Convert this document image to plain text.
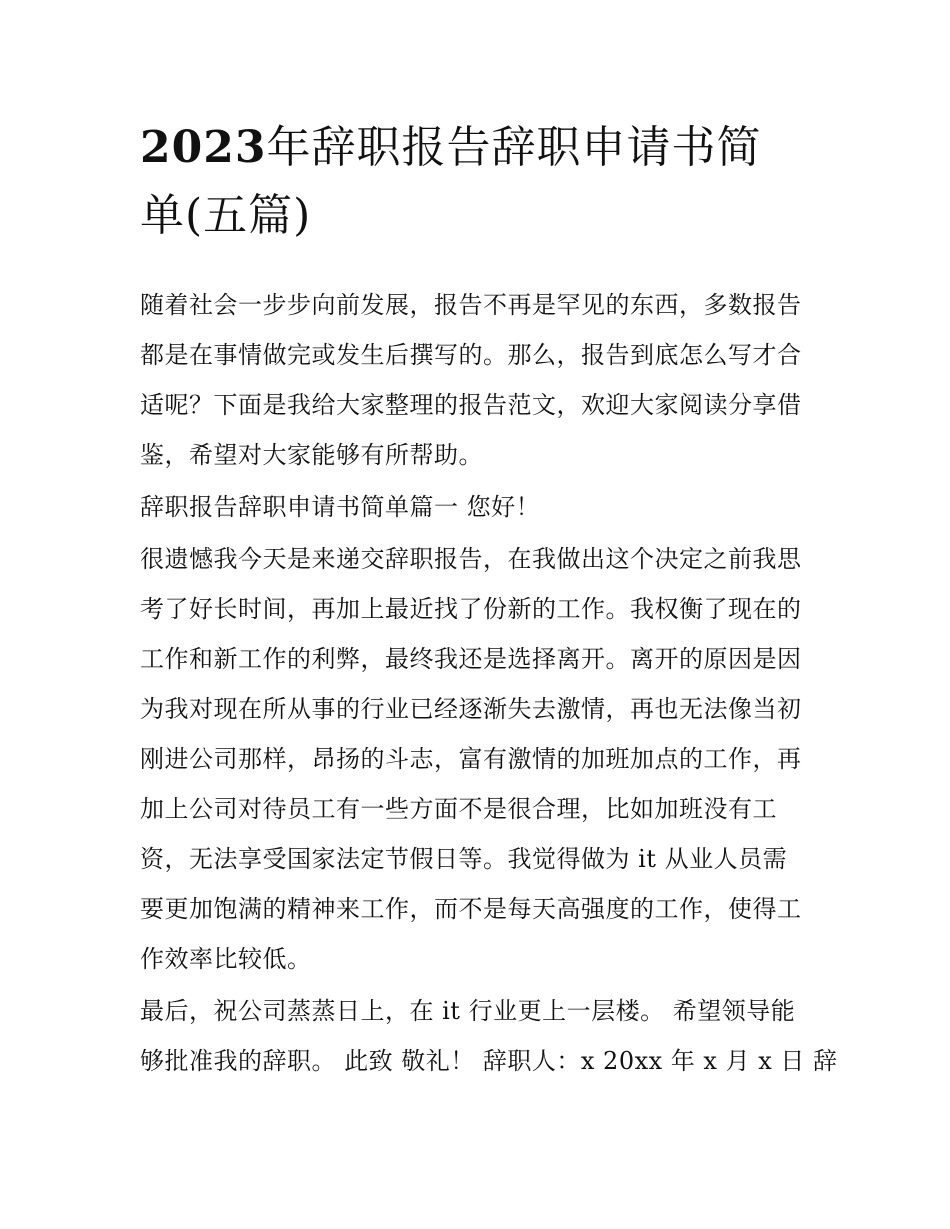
2023年辞职报告辞职申请书简
单(五篇)
随着社会一步步向前发展，报告不再是罕见的东西，多数报告
都是在事情做完或发生后撰写的。那么，报告到底怎么写才合
适呢？下面是我给大家整理的报告范文，欢迎大家阅读分享借
鉴，希望对大家能够有所帮助。
辞职报告辞职申请书简单篇一 您好！
很遗憾我今天是来递交辞职报告，在我做出这个决定之前我思
考了好长时间，再加上最近找了份新的工作。我权衡了现在的
工作和新工作的利弊，最终我还是选择离开。离开的原因是因
为我对现在所从事的行业已经逐渐失去激情，再也无法像当初
刚进公司那样，昂扬的斗志，富有激情的加班加点的工作，再
加上公司对待员工有一些方面不是很合理，比如加班没有工
资，无法享受国家法定节假日等。我觉得做为 it 从业人员需
要更加饱满的精神来工作，而不是每天高强度的工作，使得工
作效率比较低。
最后，祝公司蒸蒸日上，在 it 行业更上一层楼。 希望领导能
够批准我的辞职。 此致 敬礼！ 辞职人：x 20xx 年 x 月 x 日 辞
